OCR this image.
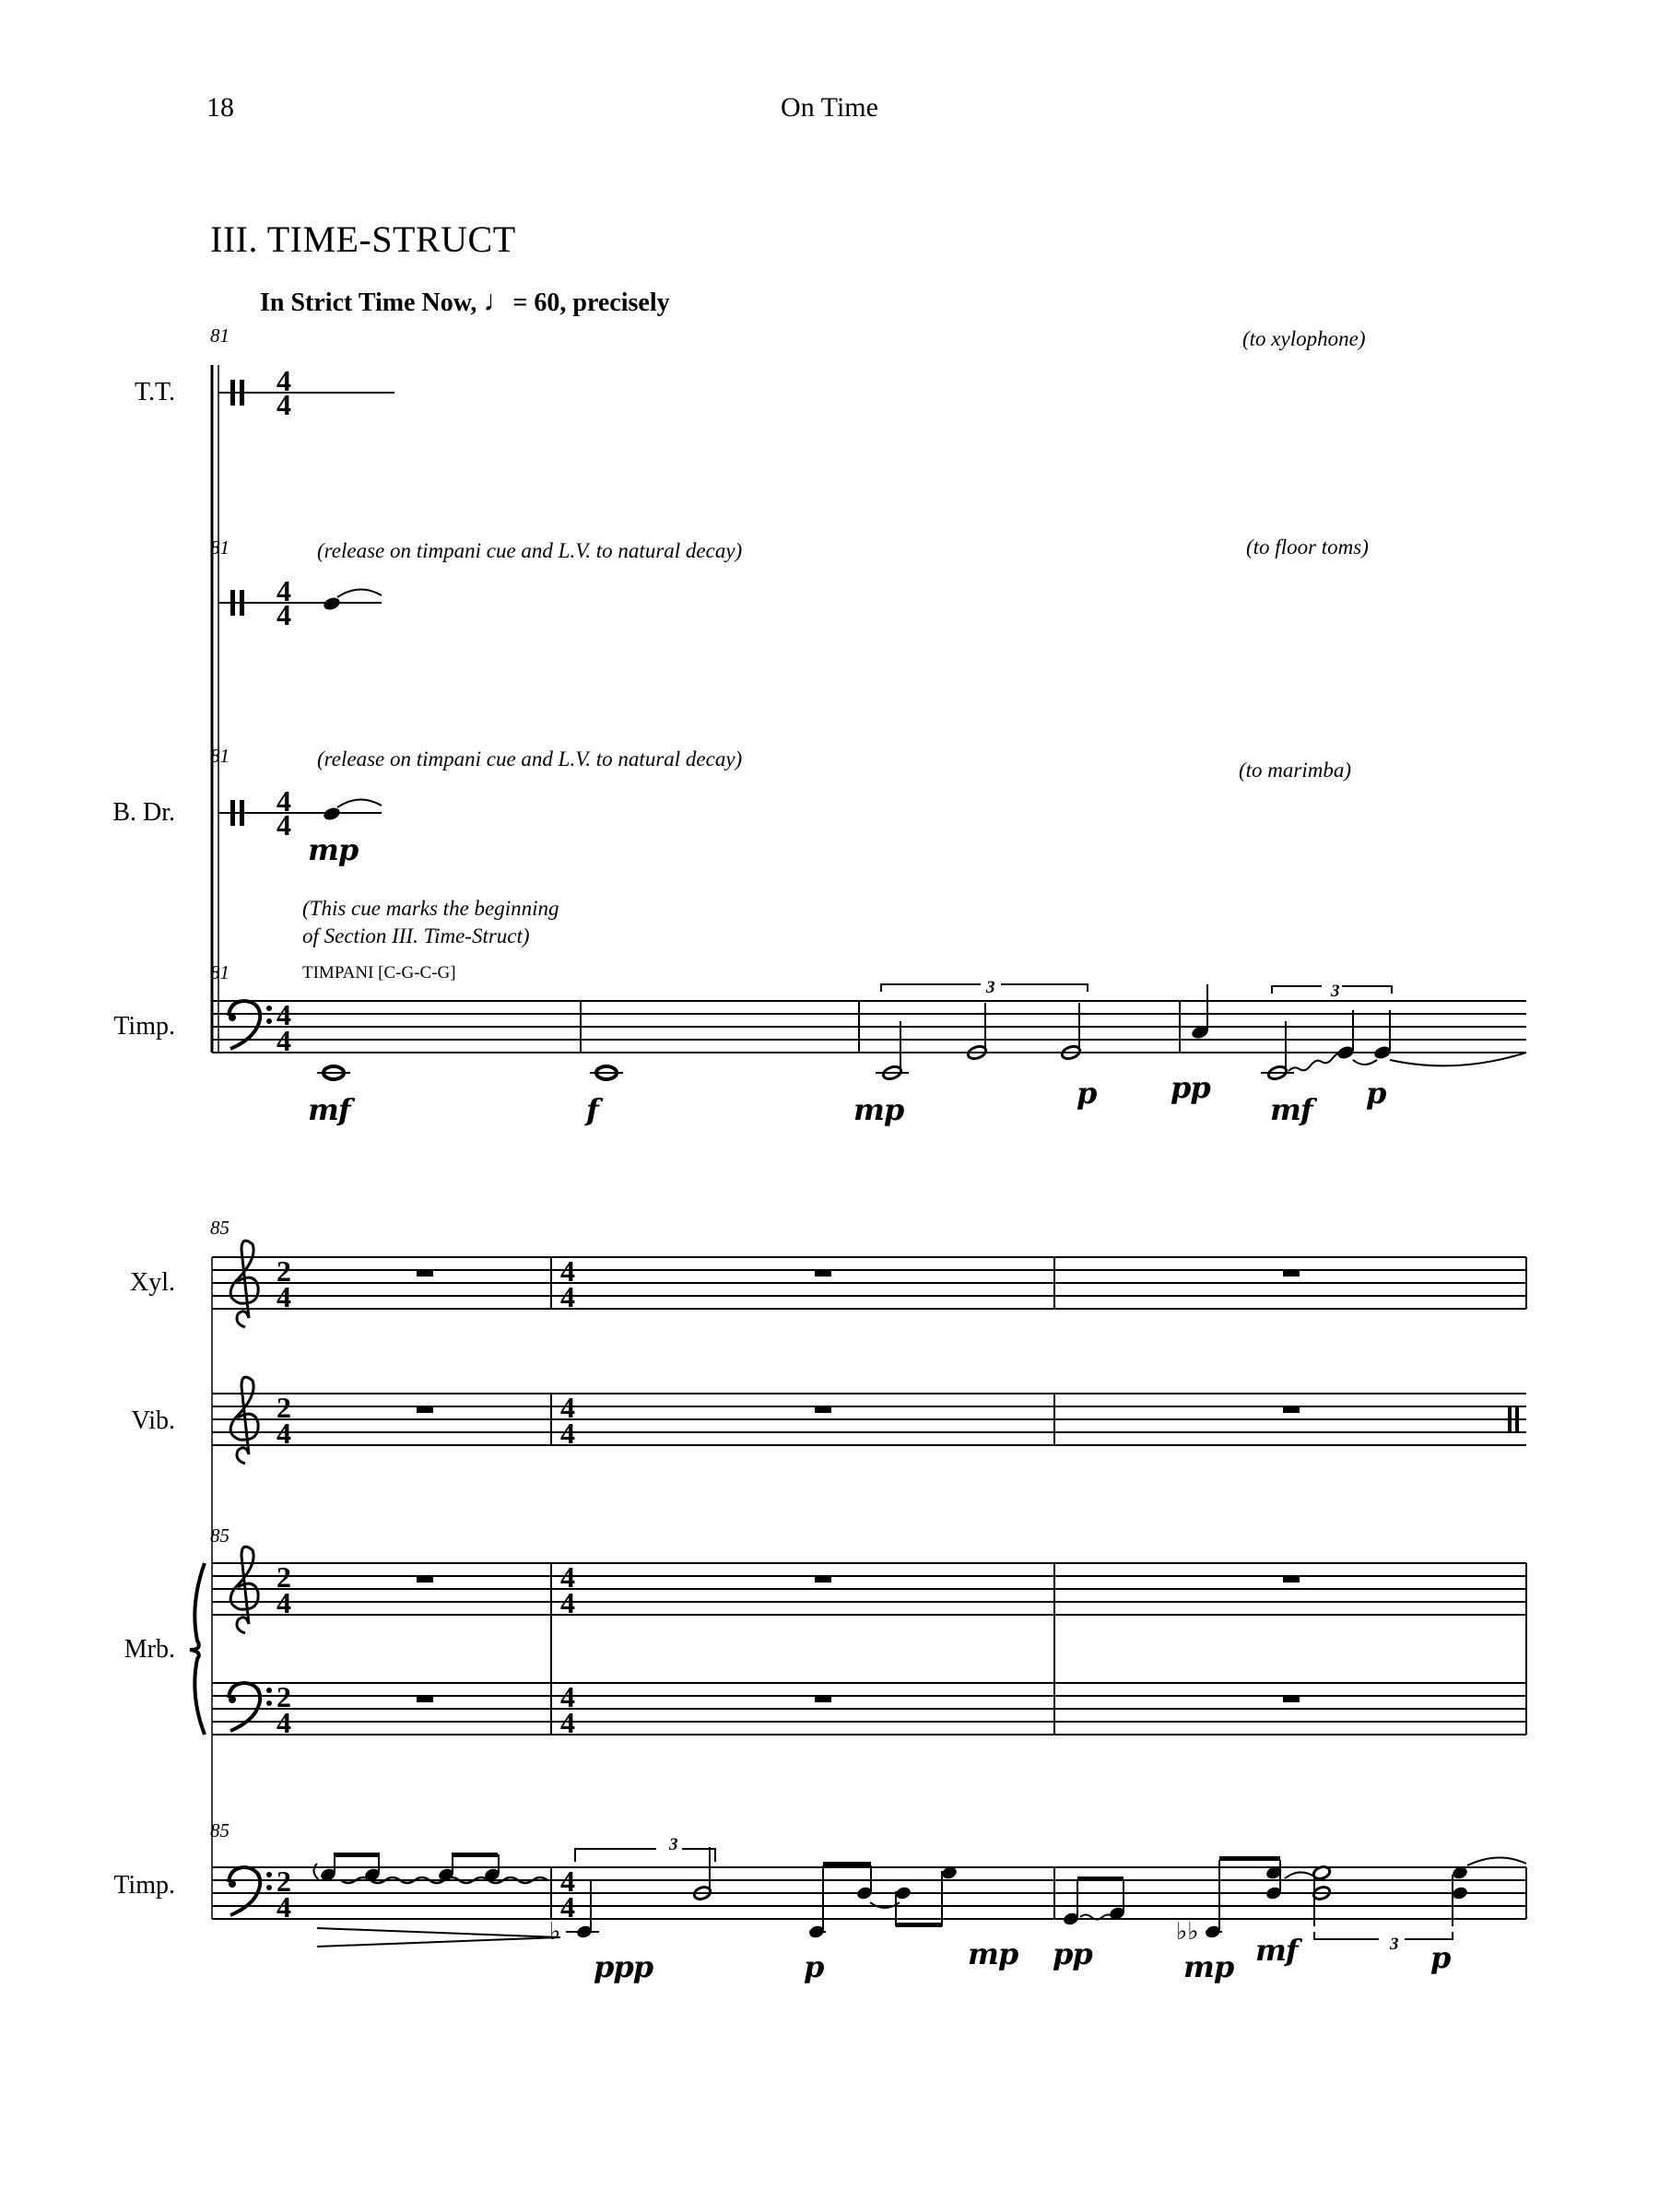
18	On Time
III. TIME-STRUCT
In Strict Time Now, ♩= 60, precisely
81
81
81
81
T.T.
B. Dr.
Timp.
(to xylophone)
(release on timpani cue and L.V. to natural decay)	(to floor toms)
(release on timpani cue and L.V. to natural decay)	(to marimba)
(This cue marks the beginning
of Section III. Time-Struct)
TIMPANI [C-G-C-G]
mp
mf	f	mp	p	pp
mf p
3	3
85
85
85
Xyl.
Vib.
Mrb.
Timp.
ppp	p	mp pp	mp mf	p
3
3
4
4
4
4
4
4
4
4
2
4
4
4
2
4
4
4
2
4
4
4
2
4
4
4
2
4
4
4
♭	♭♭
